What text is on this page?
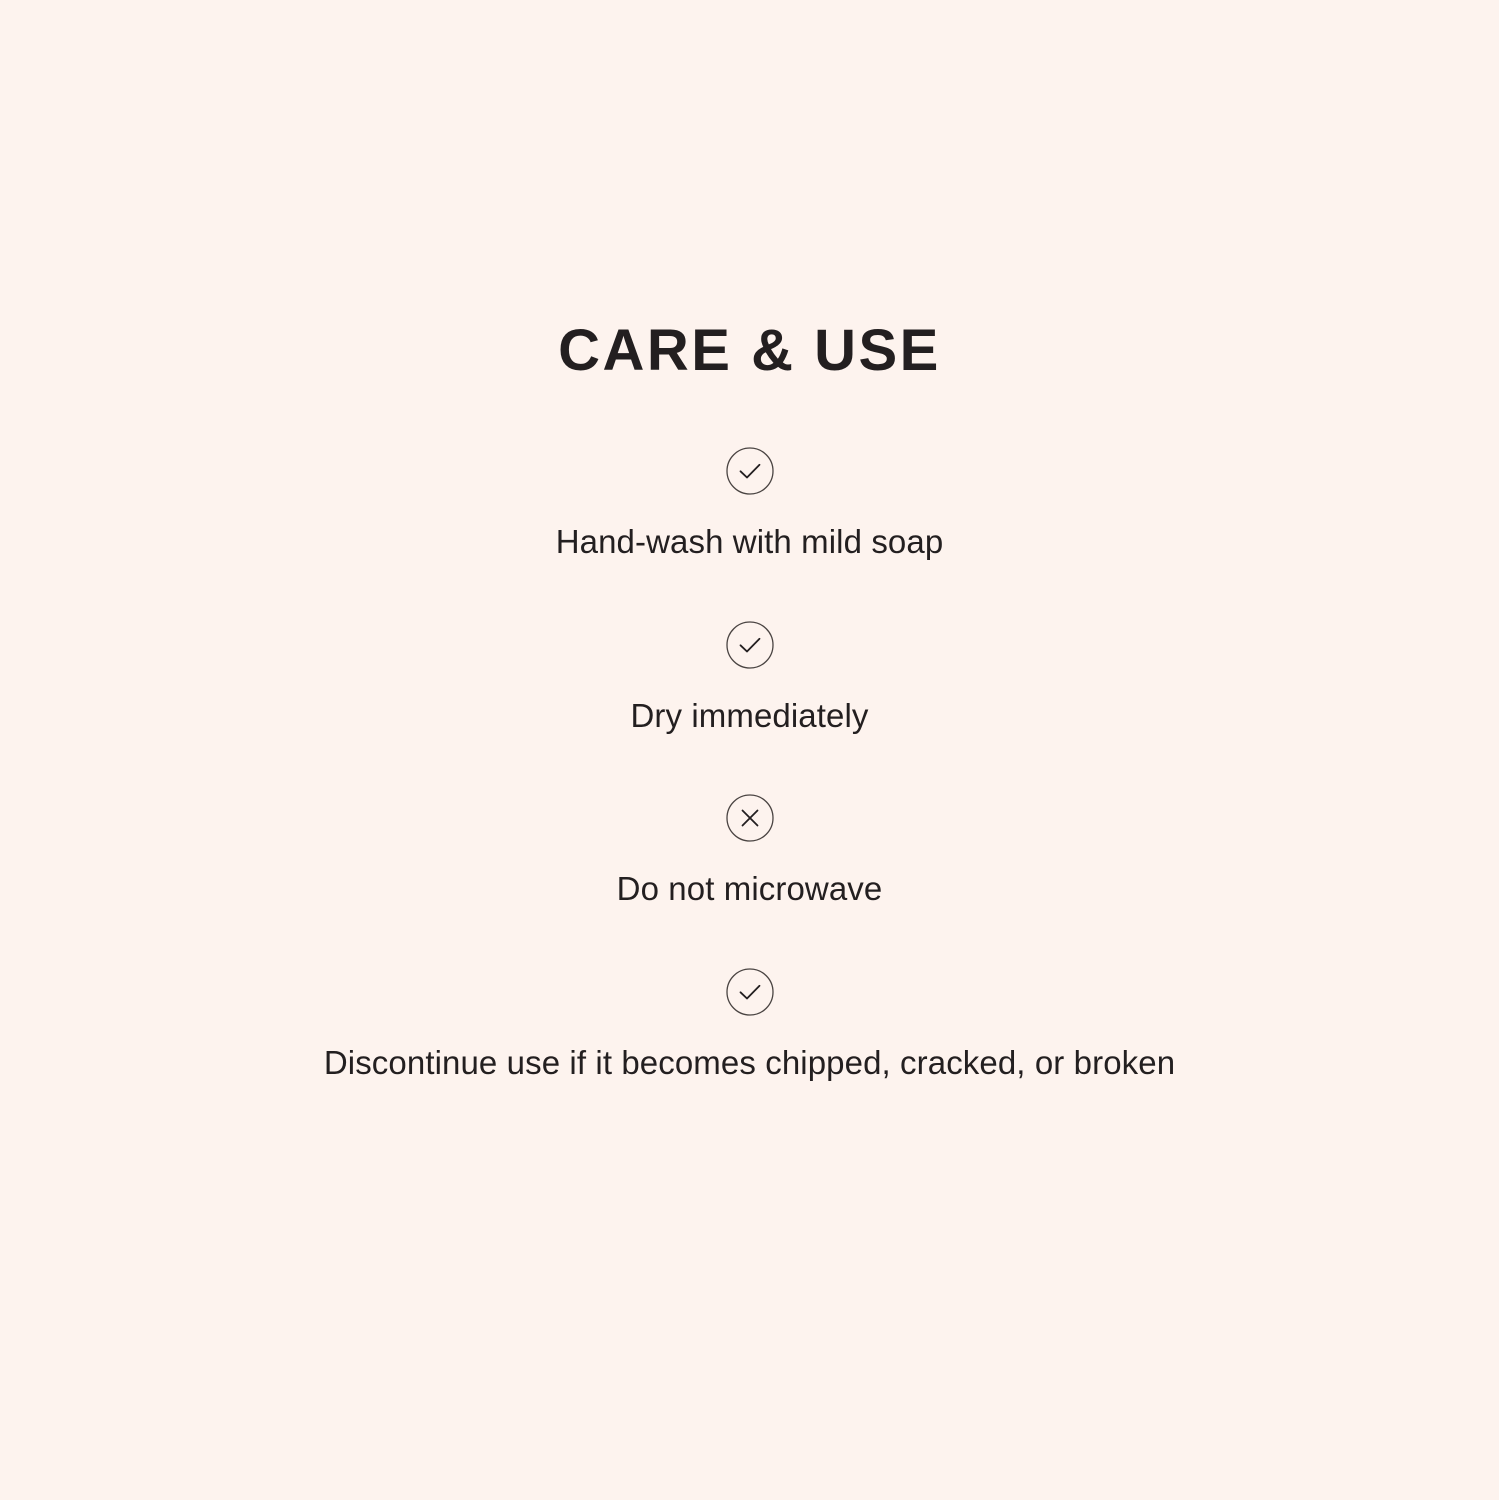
CARE & USE
Hand-wash with mild soap
Dry immediately
Do not microwave
Discontinue use if it becomes chipped, cracked, or broken
